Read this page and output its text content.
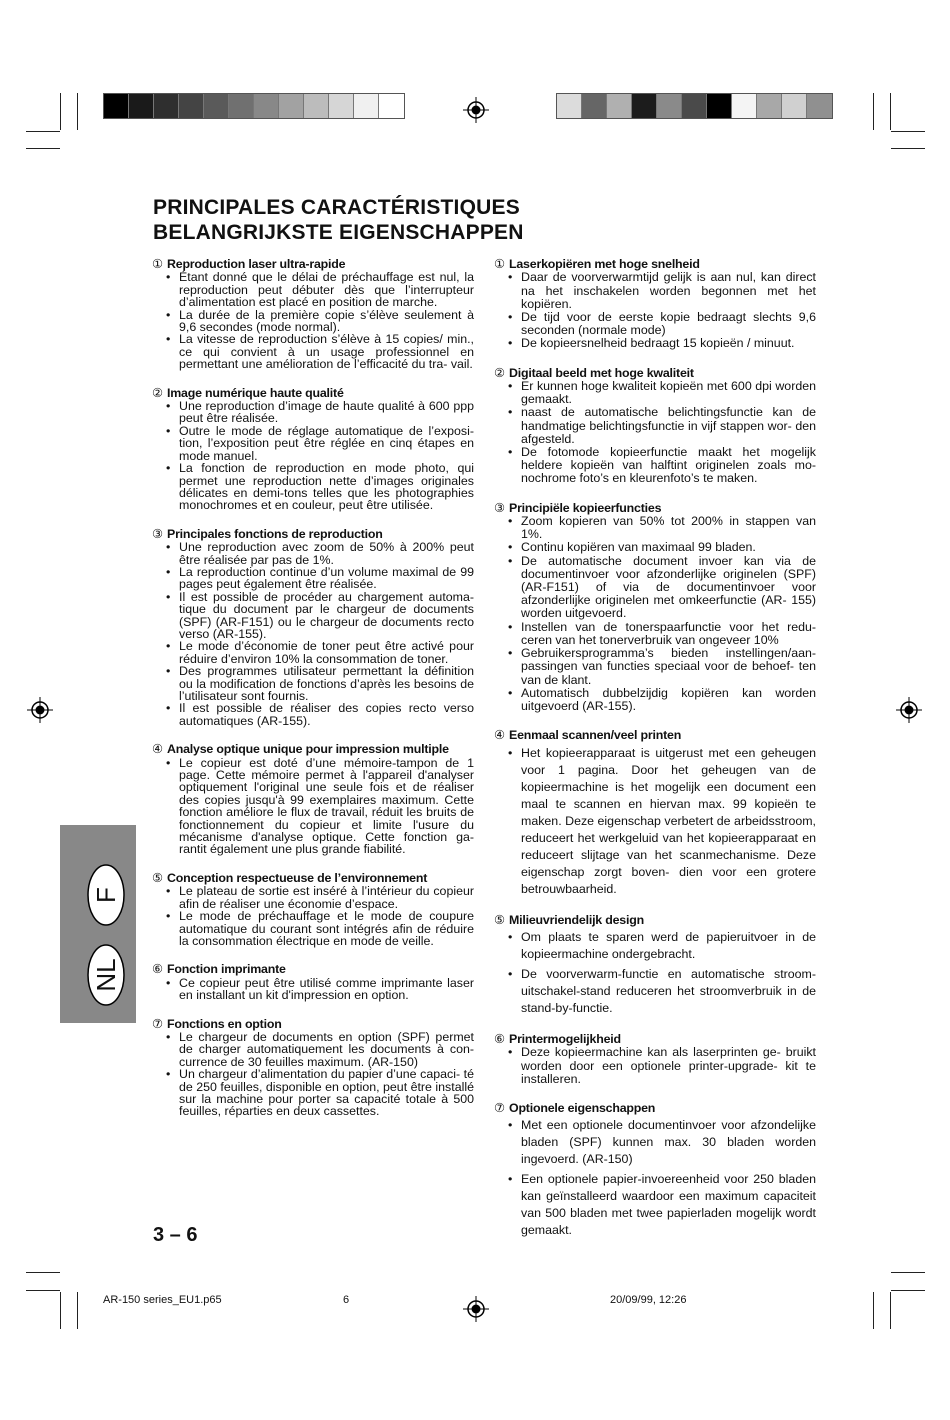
PRINCIPALES CARACTÉRISTIQUES
BELANGRIJKSTE EIGENSCHAPPEN
① Reproduction laser ultra-rapide
• Étant donné que le délai de préchauffage est nul, la reproduction peut débuter dès que l’interrupteur d’alimentation est placé en position de marche.
• La durée de la première copie s’élève seulement à 9,6 secondes (mode normal).
• La vitesse de reproduction s’élève à 15 copies/ min., ce qui convient à un usage professionnel en permettant une amélioration de l’efficacité du tra- vail.
② Image numérique haute qualité
• Une reproduction d’image de haute qualité à 600 ppp peut être réalisée.
• Outre le mode de réglage automatique de l’exposi- tion, l’exposition peut être réglée en cinq étapes en mode manuel.
• La fonction de reproduction en mode photo, qui permet une reproduction nette d’images originales délicates en demi-tons telles que les photographies monochromes et en couleur, peut être utilisée.
③ Principales fonctions de reproduction
• Une reproduction avec zoom de 50% à 200% peut être réalisée par pas de 1%.
• La reproduction continue d’un volume maximal de 99 pages peut également être réalisée.
• Il est possible de procéder au chargement automa- tique du document par le chargeur de documents (SPF) (AR-F151) ou le chargeur de documents recto verso (AR-155).
• Le mode d’économie de toner peut être activé pour réduire d’environ 10% la consommation de toner.
• Des programmes utilisateur permettant la définition ou la modification de fonctions d’après les besoins de l’utilisateur sont fournis.
• Il est possible de réaliser des copies recto verso automatiques (AR-155).
④ Analyse optique unique pour impression multiple
• Le copieur est doté d’une mémoire-tampon de 1 page. Cette mémoire permet à l'appareil d'analyser optiquement l'original une seule fois et de réaliser des copies jusqu'à 99 exemplaires maximum. Cette fonction améliore le flux de travail, réduit les bruits de fonctionnement du copieur et limite l'usure du mécanisme d'analyse optique. Cette fonction ga- rantit également une plus grande fiabilité.
⑤ Conception respectueuse de l’environnement
• Le plateau de sortie est inséré à l’intérieur du copieur afin de réaliser une économie d’espace.
• Le mode de préchauffage et le mode de coupure automatique du courant sont intégrés afin de réduire la consommation électrique en mode de veille.
⑥ Fonction imprimante
• Ce copieur peut être utilisé comme imprimante laser en installant un kit d'impression en option.
⑦ Fonctions en option
• Le chargeur de documents en option (SPF) permet de charger automatiquement les documents à con- currence de 30 feuilles maximum. (AR-150)
• Un chargeur d’alimentation du papier d’une capaci- té de 250 feuilles, disponible en option, peut être installé sur la machine pour porter sa capacité totale à 500 feuilles, réparties en deux cassettes.
① Laserkopiëren met hoge snelheid
• Daar de voorverwarmtijd gelijk is aan nul, kan direct na het inschakelen worden begonnen met het kopiëren.
• De tijd voor de eerste kopie bedraagt slechts 9,6 seconden (normale mode)
• De kopieersnelheid bedraagt 15 kopieën / minuut.
② Digitaal beeld met hoge kwaliteit
• Er kunnen hoge kwaliteit kopieën met 600 dpi worden gemaakt.
• naast de automatische belichtingsfunctie kan de handmatige belichtingsfunctie in vijf stappen wor- den afgesteld.
• De fotomode kopieerfunctie maakt het mogelijk heldere kopieën van halftint originelen zoals mo- nochrome foto’s en kleurenfoto’s te maken.
③ Principiële kopieerfuncties
• Zoom kopieren van 50% tot 200% in stappen van 1%.
• Continu kopiëren van maximaal 99 bladen.
• De automatische document invoer kan via de documentinvoer voor afzonderlijke originelen (SPF) (AR-F151) of via de documentinvoer voor afzonderlijke originelen met omkeerfunctie (AR- 155) worden uitgevoerd.
• Instellen van de tonerspaarfunctie voor het redu- ceren van het tonerverbruik van ongeveer 10%
• Gebruikersprogramma’s bieden instellingen/aan- passingen van functies speciaal voor de behoef- ten van de klant.
• Automatisch dubbelzijdig kopiëren kan worden uitgevoerd (AR-155).
④ Eenmaal scannen/veel printen
• Het kopieerapparaat is uitgerust met een geheugen voor 1 pagina. Door het geheugen van de kopieermachine is het mogelijk een document een maal te scannen en hiervan max. 99 kopieën te maken. Deze eigenschap verbetert de arbeidsstroom, reduceert het werkgeluid van het kopieerapparaat en reduceert slijtage van het scanmechanisme. Deze eigenschap zorgt boven- dien voor een grotere betrouwbaarheid.
⑤ Milieuvriendelijk design
• Om plaats te sparen werd de papieruitvoer in de kopieermachine ondergebracht.
• De voorverwarm-functie en automatische stroom- uitschakel-stand reduceren het stroomverbruik in de stand-by-functie.
⑥ Printermogelijkheid
• Deze kopieermachine kan als laserprinten ge- bruikt worden door een optionele printer-upgrade- kit te installeren.
⑦ Optionele eigenschappen
• Met een optionele documentinvoer voor afzondelijke bladen (SPF) kunnen max. 30 bladen worden ingevoerd. (AR-150)
• Een optionele papier-invoereenheid voor 250 bladen kan geïnstalleerd waardoor een maximum capaciteit van 500 bladen met twee papierladen mogelijk wordt gemaakt.
F
NL
3 – 6
AR-150 series_EU1.p65	6	20/09/99, 12:26
